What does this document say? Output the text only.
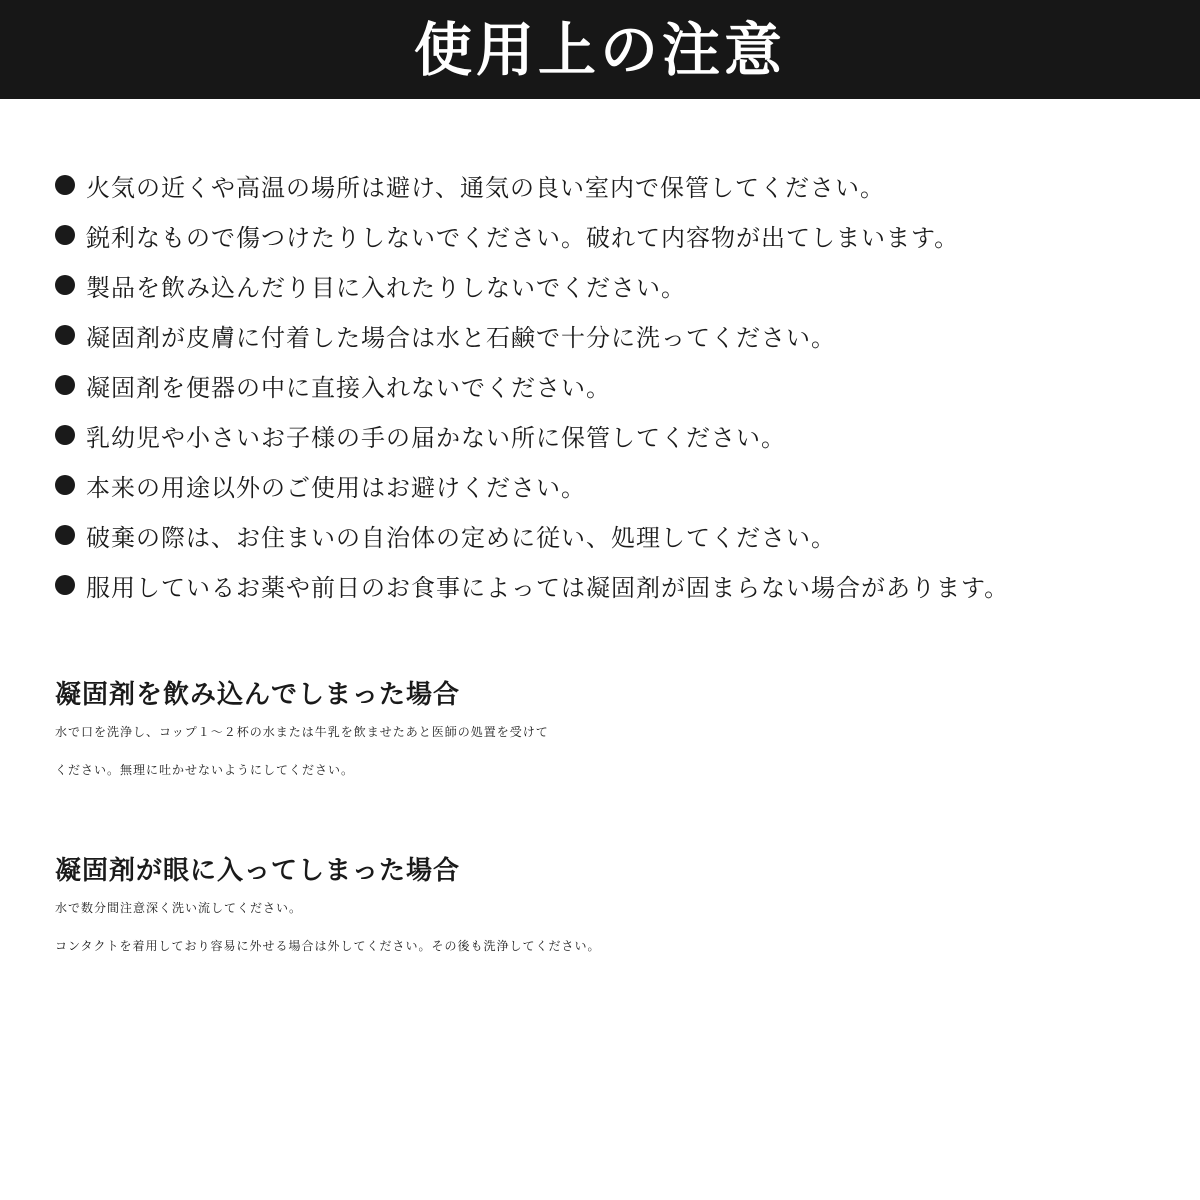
使用上の注意
火気の近くや高温の場所は避け、通気の良い室内で保管してください。
鋭利なもので傷つけたりしないでください。破れて内容物が出てしまいます。
製品を飲み込んだり目に入れたりしないでください。
凝固剤が皮膚に付着した場合は水と石鹸で十分に洗ってください。
凝固剤を便器の中に直接入れないでください。
乳幼児や小さいお子様の手の届かない所に保管してください。
本来の用途以外のご使用はお避けください。
破棄の際は、お住まいの自治体の定めに従い、処理してください。
服用しているお薬や前日のお食事によっては凝固剤が固まらない場合があります。
凝固剤を飲み込んでしまった場合
水で口を洗浄し、コップ１～２杯の水または牛乳を飲ませたあと医師の処置を受けて
ください。無理に吐かせないようにしてください。
凝固剤が眼に入ってしまった場合
水で数分間注意深く洗い流してください。
コンタクトを着用しており容易に外せる場合は外してください。その後も洗浄してください。
